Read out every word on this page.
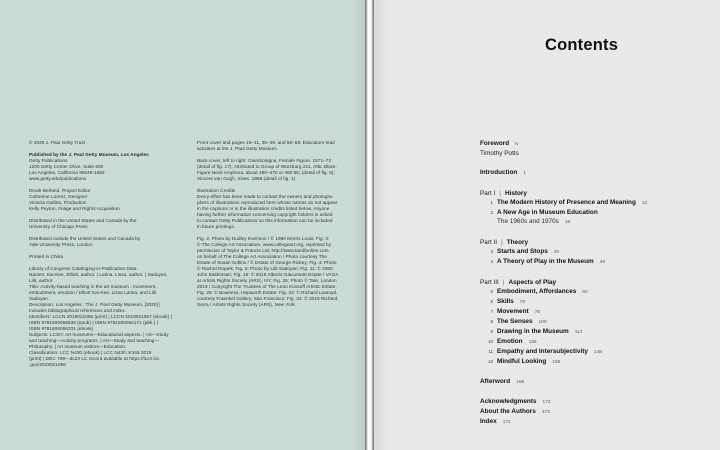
© 2020 J. Paul Getty Trust
Published by the J. Paul Getty Museum, Los Angeles
Getty Publications
1200 Getty Center Drive, Suite 500
Los Angeles, California 90049-1682
www.getty.edu/publications
Dinah Berland, Project Editor
Catherine Lorenz, Designer
Victoria Gallina, Production
Kelly Peyton, Image and Rights Acquisition
Distributed in the United States and Canada by the
University of Chicago Press
Distributed outside the United States and Canada by
Yale University Press, London
Printed in China
Library of Congress Cataloging-in-Publication Data
Names: Kai-Kee, Elliott, author. | Latina, Lissa, author. | Sadoyan,
Lilit, author.
Title: Activity-based teaching in the art museum : movement,
embodiment, emotion / Elliott Kai-Kee, Lissa Latina, and Lilit
Sadoyan.
Description: Los Angeles : The J. Paul Getty Museum, [2020] |
Includes bibliographical references and index.
Identifiers: LCCN 2019021056 (print) | LCCN 2019021057 (ebook) |
ISBN 9781606066638 (epub) | ISBN 9781606066171 (pbk.) |
ISBN 9781606066331 (ebook)
Subjects: LCSH: Art museums—Educational aspects. | Art—Study
and teaching—Activity programs. | Art—Study and teaching—
Philosophy. | Art museum visitors—Education.
Classification: LCC N430 (ebook) | LCC N430 .K345 2019
(print) | DDC 708—dc23 LC record available at https://lccn.loc
.gov/2019021056
Front cover and pages 10–11, 38–39, and 58–59: Educators lead
activities at the J. Paul Getty Museum
Back cover, left to right: Giambologna, Female Figure, 1571–73
(detail of fig. 17); Attributed to Group of Würzburg 221, Attic Black-
Figure Neck Amphora, about 480–470 or 460 BC (detail of fig. 5);
Vincent van Gogh, Irises, 1889 (detail of fig. 1)
Illustration Credits
Every effort has been made to contact the owners and photogra-
phers of illustrations reproduced here whose names do not appear
in the captions or in the illustration credits listed below. Anyone
having further information concerning copyright holders is asked
to contact Getty Publications so this information can be included
in future printings.
Fig. 2: Photo by Dudley Evenson / © 1960 Morris Louis; Fig. 3:
© The College Art Association, www.collegeart.org, reprinted by
permission of Taylor & Francis Ltd, http://www.tandfonline.com
on behalf of The College Art Association / Photo courtesy The
Estate of Susan Sollins / © Estate of George Rickey; Fig. 4: Photo
© Rachel Ropeik; Fig. 5: Photo by Lilit Sadoyan; Fig. 11: © 2000
John Baldessari; Fig. 16: © 2019 Alberto Giacometti Estate / VAGA
at Artists Rights Society (ARS), NY; Fig. 25: Photo © Tate, London
2019 / Copyright The Trustees of The Leon Kossoff Artistic Estate;
Fig. 28: © Bowness, Hepworth Estate; Fig. 33: © Richard Learoyd,
courtesy Fraenkel Gallery, San Francisco; Fig. 34: © 2019 Richard
Serra / Artists Rights Society (ARS), New York.
Contents
Foreword iv
Timothy Potts
Introduction 1
Part I | History
1 The Modern History of Presence and Meaning 12
2 A New Age in Museum Education
The 1960s and 1970s 16
Part II | Theory
3 Starts and Stops 40
4 A Theory of Play in the Museum 48
Part III | Aspects of Play
5 Embodiment, Affordances 60
6 Skills 70
7 Movement 78
8 The Senses 100
9 Drawing in the Museum 114
10 Emotion 128
11 Empathy and Intersubjectivity 148
12 Mindful Looking 159
Afterword 169
Acknowledgments 172
About the Authors 173
Index 174
